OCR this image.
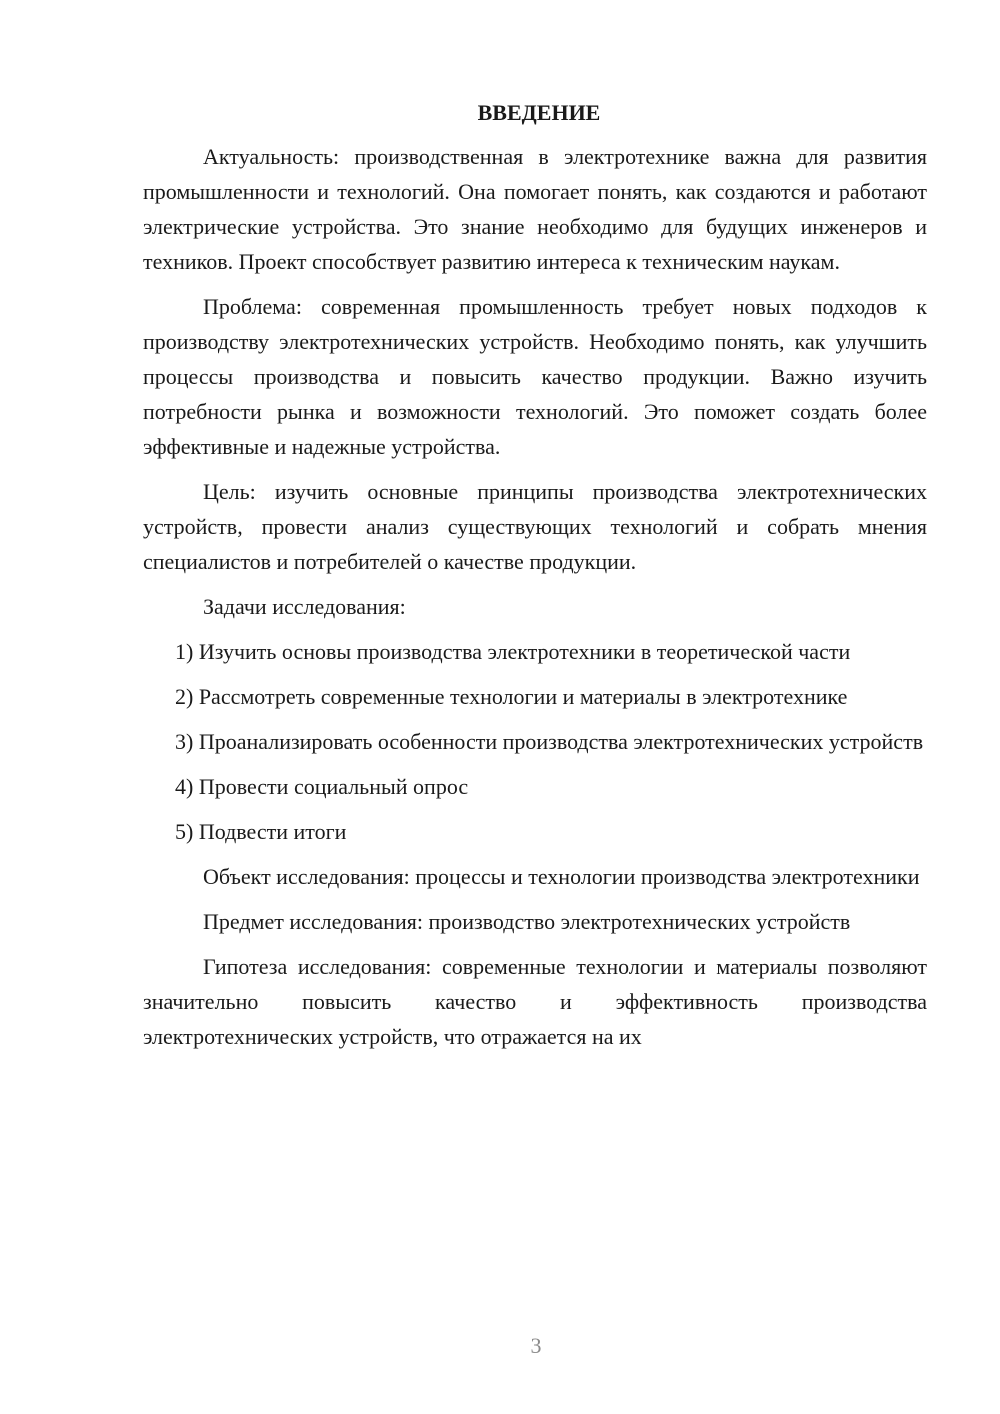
ВВЕДЕНИЕ

Актуальность: производственная в электротехнике важна для развития промышленности и технологий. Она помогает понять, как создаются и работают электрические устройства. Это знание необходимо для будущих инженеров и техников. Проект способствует развитию интереса к техническим наукам.

Проблема: современная промышленность требует новых подходов к производству электротехнических устройств. Необходимо понять, как улучшить процессы производства и повысить качество продукции. Важно изучить потребности рынка и возможности технологий. Это поможет создать более эффективные и надежные устройства.

Цель: изучить основные принципы производства электротехнических устройств, провести анализ существующих технологий и собрать мнения специалистов и потребителей о качестве продукции.

Задачи исследования:

1) Изучить основы производства электротехники в теоретической части

2) Рассмотреть современные технологии и материалы в электротехнике

3) Проанализировать особенности производства электротехнических устройств

4) Провести социальный опрос

5) Подвести итоги

Объект исследования: процессы и технологии производства электротехники

Предмет исследования: производство электротехнических устройств

Гипотеза исследования: современные технологии и материалы позволяют значительно повысить качество и эффективность производства электротехнических устройств, что отражается на их

3
